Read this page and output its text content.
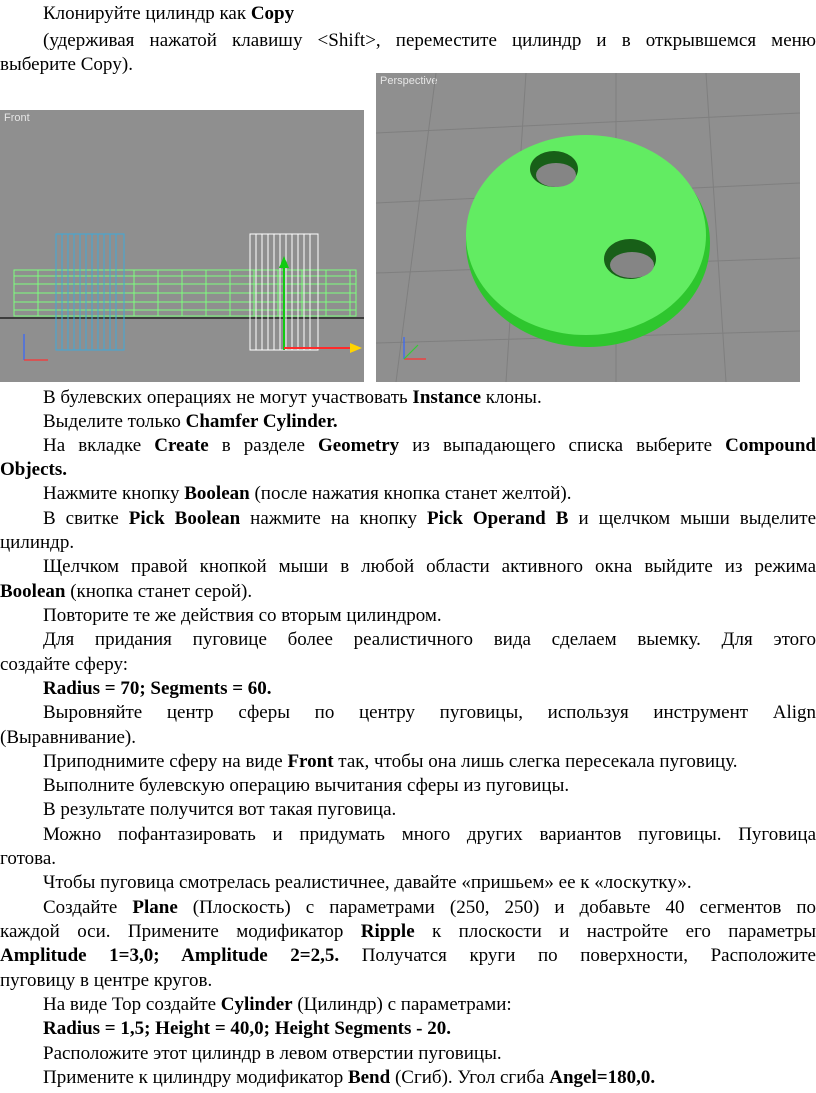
Клонируйте цилиндр как Copy
(удерживая нажатой клавишу <Shift>, переместите цилиндр и в открывшемся меню
выберите Copy).
Front
Perspective
В булевских операциях не могут участвовать Instance клоны.
Выделите только Chamfer Cylinder.
На вкладке Create в разделе Geometry из выпадающего списка выберите Compound
Objects.
Нажмите кнопку Boolean (после нажатия кнопка станет желтой).
В свитке Pick Boolean нажмите на кнопку Pick Operand B и щелчком мыши выделите
цилиндр.
Щелчком правой кнопкой мыши в любой области активного окна выйдите из режима
Boolean (кнопка станет серой).
Повторите те же действия со вторым цилиндром.
Для придания пуговице более реалистичного вида сделаем выемку. Для этого
создайте сферу:
Radius = 70; Segments = 60.
Выровняйте центр сферы по центру пуговицы, используя инструмент Align
(Выравнивание).
Приподнимите сферу на виде Front так, чтобы она лишь слегка пересекала пуговицу.
Выполните булевскую операцию вычитания сферы из пуговицы.
В результате получится вот такая пуговица.
Можно пофантазировать и придумать много других вариантов пуговицы. Пуговица
готова.
Чтобы пуговица смотрелась реалистичнее, давайте «пришьем» ее к «лоскутку».
Создайте Plane (Плоскость) с параметрами (250, 250) и добавьте 40 сегментов по
каждой оси. Примените модификатор Ripple к плоскости и настройте его параметры
Amplitude 1=3,0; Amplitude 2=2,5. Получатся круги по поверхности, Расположите
пуговицу в центре кругов.
На виде Top создайте Cylinder (Цилиндр) с параметрами:
Radius = 1,5; Height = 40,0; Height Segments - 20.
Расположите этот цилиндр в левом отверстии пуговицы.
Примените к цилиндру модификатор Bend (Сгиб). Угол сгиба Angel=180,0.
